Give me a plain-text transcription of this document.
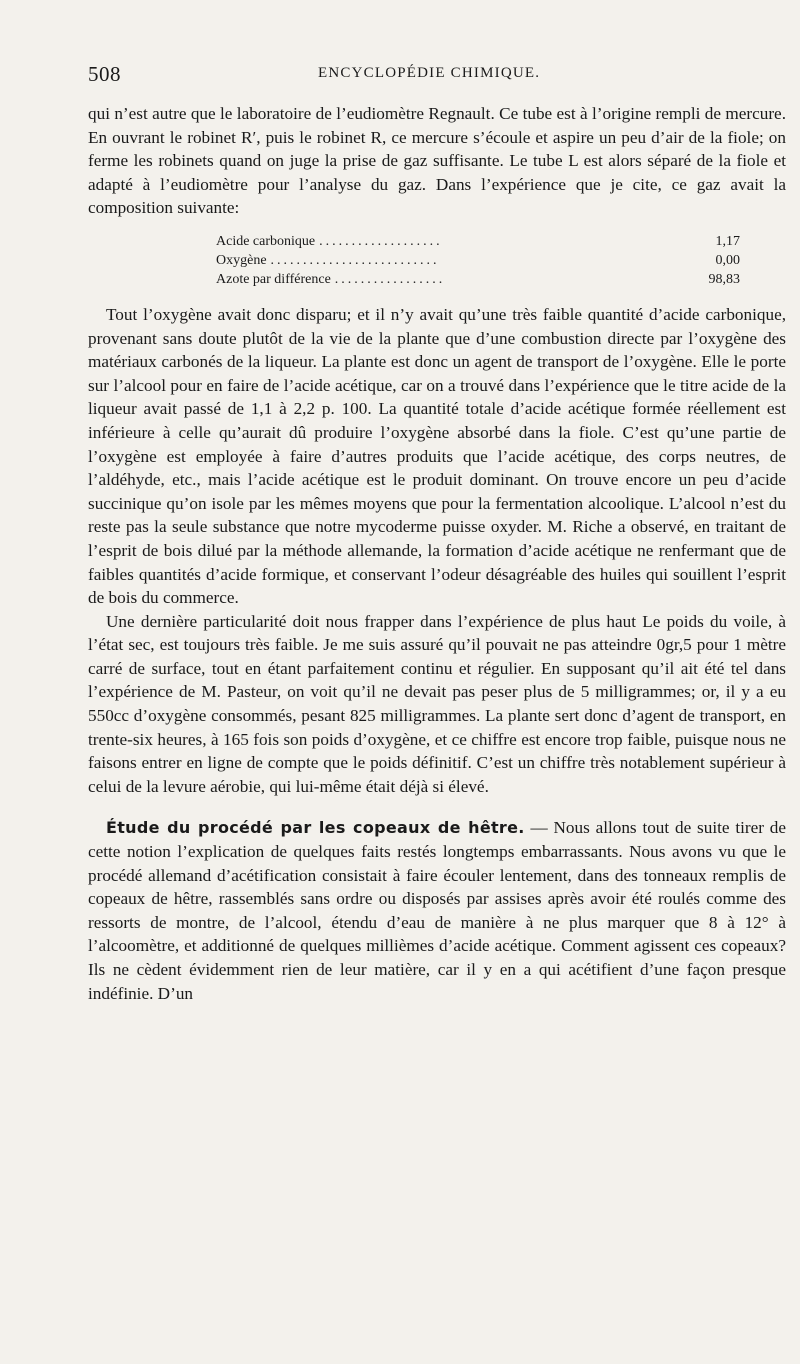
508	ENCYCLOPÉDIE CHIMIQUE.

qui n’est autre que le laboratoire de l’eudiomètre Regnault. Ce tube est à l’origine rempli de mercure. En ouvrant le robinet R′, puis le robinet R, ce mercure s’écoule et aspire un peu d’air de la fiole; on ferme les robinets quand on juge la prise de gaz suffisante. Le tube L est alors séparé de la fiole et adapté à l’eudiomètre pour l’analyse du gaz. Dans l’expérience que je cite, ce gaz avait la composition suivante:

Acide carbonique ...................	1,17
Oxygène ..........................	0,00
Azote par différence .................	98,83

Tout l’oxygène avait donc disparu; et il n’y avait qu’une très faible quantité d’acide carbonique, provenant sans doute plutôt de la vie de la plante que d’une combustion directe par l’oxygène des matériaux carbonés de la liqueur. La plante est donc un agent de transport de l’oxygène. Elle le porte sur l’alcool pour en faire de l’acide acétique, car on a trouvé dans l’expérience que le titre acide de la liqueur avait passé de 1,1 à 2,2 p. 100. La quantité totale d’acide acétique formée réellement est inférieure à celle qu’aurait dû produire l’oxygène absorbé dans la fiole. C’est qu’une partie de l’oxygène est employée à faire d’autres produits que l’acide acétique, des corps neutres, de l’aldéhyde, etc., mais l’acide acétique est le produit dominant. On trouve encore un peu d’acide succinique qu’on isole par les mêmes moyens que pour la fermentation alcoolique. L’alcool n’est du reste pas la seule substance que notre mycoderme puisse oxyder. M. Riche a observé, en traitant de l’esprit de bois dilué par la méthode allemande, la formation d’acide acétique ne renfermant que de faibles quantités d’acide formique, et conservant l’odeur désagréable des huiles qui souillent l’esprit de bois du commerce.

Une dernière particularité doit nous frapper dans l’expérience de plus haut Le poids du voile, à l’état sec, est toujours très faible. Je me suis assuré qu’il pouvait ne pas atteindre 0gr,5 pour 1 mètre carré de surface, tout en étant parfaitement continu et régulier. En supposant qu’il ait été tel dans l’expérience de M. Pasteur, on voit qu’il ne devait pas peser plus de 5 milligrammes; or, il y a eu 550cc d’oxygène consommés, pesant 825 milligrammes. La plante sert donc d’agent de transport, en trente-six heures, à 165 fois son poids d’oxygène, et ce chiffre est encore trop faible, puisque nous ne faisons entrer en ligne de compte que le poids définitif. C’est un chiffre très notablement supérieur à celui de la levure aérobie, qui lui-même était déjà si élevé.

Étude du procédé par les copeaux de hêtre. — Nous allons tout de suite tirer de cette notion l’explication de quelques faits restés longtemps embarrassants. Nous avons vu que le procédé allemand d’acétification consistait à faire écouler lentement, dans des tonneaux remplis de copeaux de hêtre, rassemblés sans ordre ou disposés par assises après avoir été roulés comme des ressorts de montre, de l’alcool, étendu d’eau de manière à ne plus marquer que 8 à 12° à l’alcoomètre, et additionné de quelques millièmes d’acide acétique. Comment agissent ces copeaux? Ils ne cèdent évidemment rien de leur matière, car il y en a qui acétifient d’une façon presque indéfinie. D’un
